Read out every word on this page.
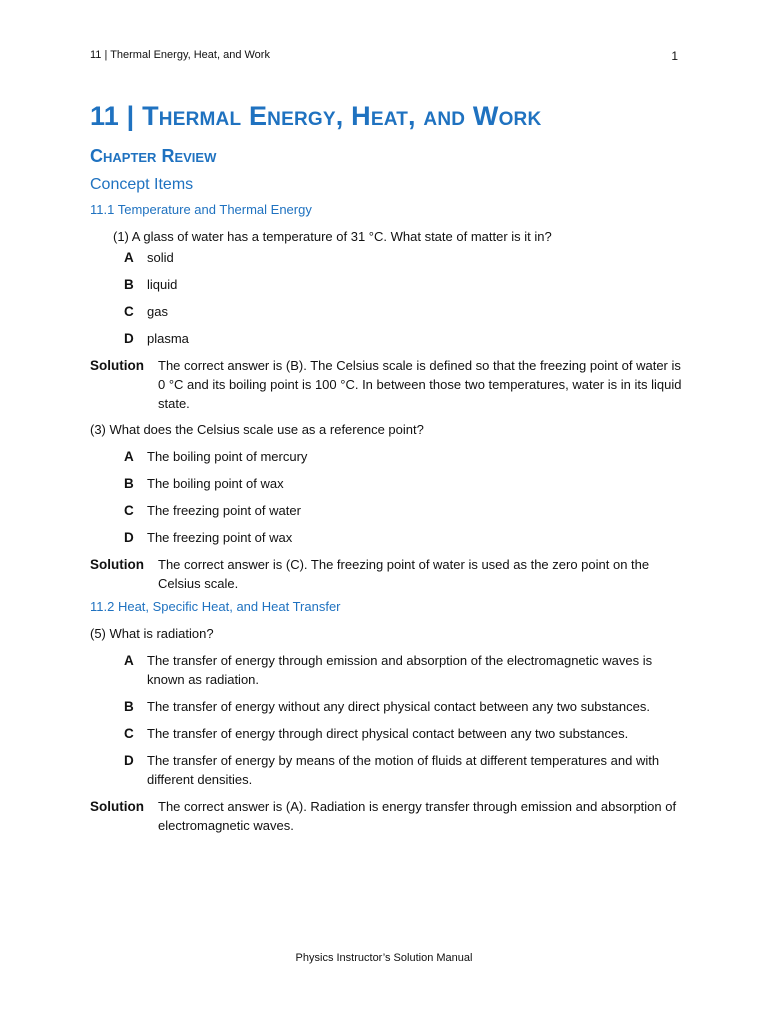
11 | Thermal Energy, Heat, and Work	1
11 | Thermal Energy, Heat, and Work
Chapter Review
Concept Items
11.1 Temperature and Thermal Energy

(1) A glass of water has a temperature of 31 °C. What state of matter is it in?

A solid
B liquid
C gas
D plasma
Solution The correct answer is (B). The Celsius scale is defined so that the freezing point of water is 0 °C and its boiling point is 100 °C. In between those two temperatures, water is in its liquid state.

(3) What does the Celsius scale use as a reference point?

A The boiling point of mercury
B The boiling point of wax
C The freezing point of water
D The freezing point of wax
Solution The correct answer is (C). The freezing point of water is used as the zero point on the Celsius scale.
11.2 Heat, Specific Heat, and Heat Transfer

(5) What is radiation?

A The transfer of energy through emission and absorption of the electromagnetic waves is known as radiation.
B The transfer of energy without any direct physical contact between any two substances.
C The transfer of energy through direct physical contact between any two substances.
D The transfer of energy by means of the motion of fluids at different temperatures and with different densities.
Solution The correct answer is (A). Radiation is energy transfer through emission and absorption of electromagnetic waves.
Physics Instructor’s Solution Manual
